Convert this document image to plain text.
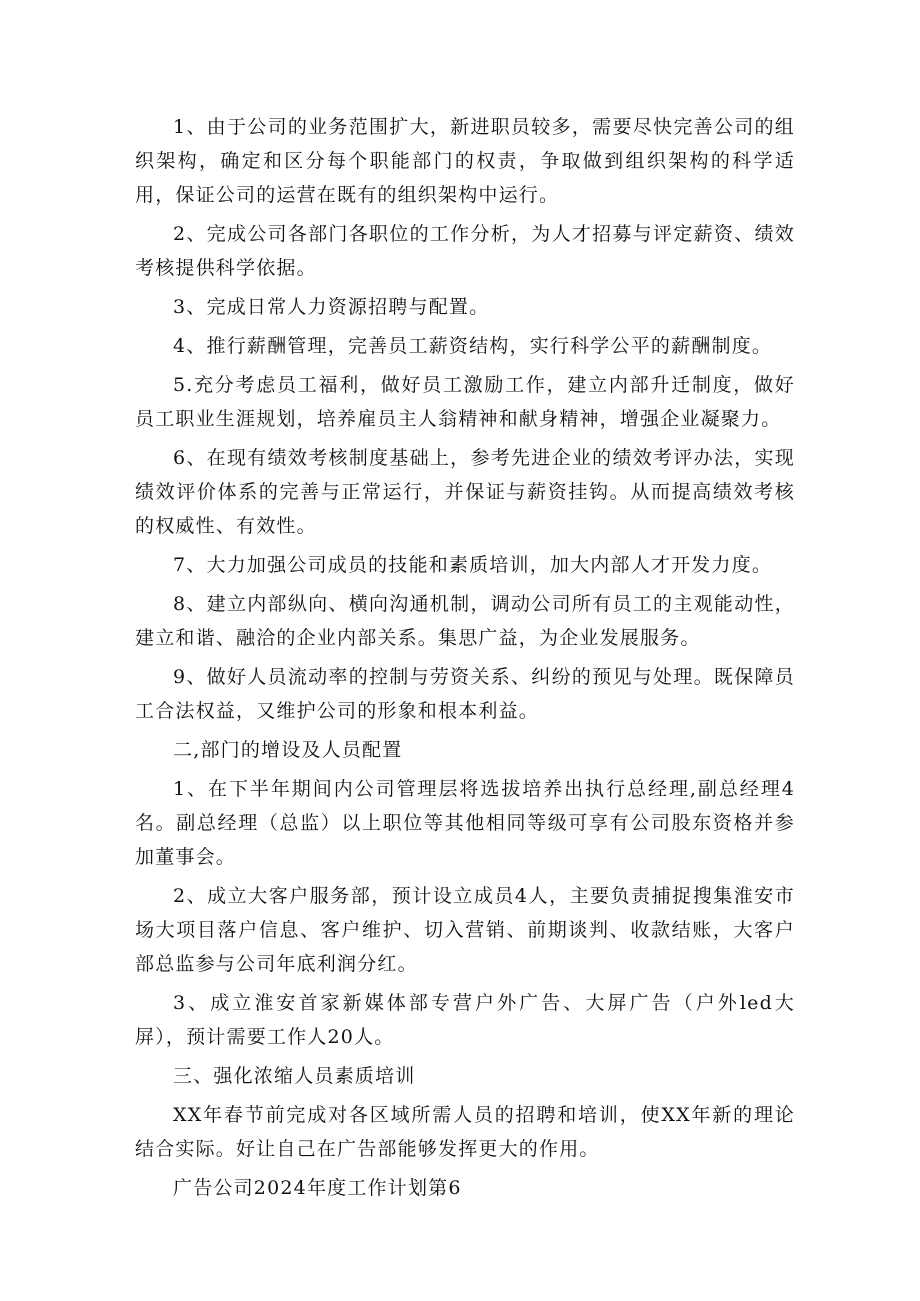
1、由于公司的业务范围扩大，新进职员较多，需要尽快完善公司的组织架构，确定和区分每个职能部门的权责，争取做到组织架构的科学适用，保证公司的运营在既有的组织架构中运行。

2、完成公司各部门各职位的工作分析，为人才招募与评定薪资、绩效考核提供科学依据。

3、完成日常人力资源招聘与配置。

4、推行薪酬管理，完善员工薪资结构，实行科学公平的薪酬制度。

5.充分考虑员工福利，做好员工激励工作，建立内部升迁制度，做好员工职业生涯规划，培养雇员主人翁精神和献身精神，增强企业凝聚力。

6、在现有绩效考核制度基础上，参考先进企业的绩效考评办法，实现绩效评价体系的完善与正常运行，并保证与薪资挂钩。从而提高绩效考核的权威性、有效性。

7、大力加强公司成员的技能和素质培训，加大内部人才开发力度。

8、建立内部纵向、横向沟通机制，调动公司所有员工的主观能动性，建立和谐、融洽的企业内部关系。集思广益，为企业发展服务。

9、做好人员流动率的控制与劳资关系、纠纷的预见与处理。既保障员工合法权益，又维护公司的形象和根本利益。

二,部门的增设及人员配置

1、在下半年期间内公司管理层将选拔培养出执行总经理,副总经理4名。副总经理（总监）以上职位等其他相同等级可享有公司股东资格并参加董事会。

2、成立大客户服务部，预计设立成员4人，主要负责捕捉搜集淮安市场大项目落户信息、客户维护、切入营销、前期谈判、收款结账，大客户部总监参与公司年底利润分红。

3、成立淮安首家新媒体部专营户外广告、大屏广告（户外led大屏），预计需要工作人20人。

三、强化浓缩人员素质培训

XX年春节前完成对各区域所需人员的招聘和培训，使XX年新的理论结合实际。好让自己在广告部能够发挥更大的作用。

广告公司2024年度工作计划第6
